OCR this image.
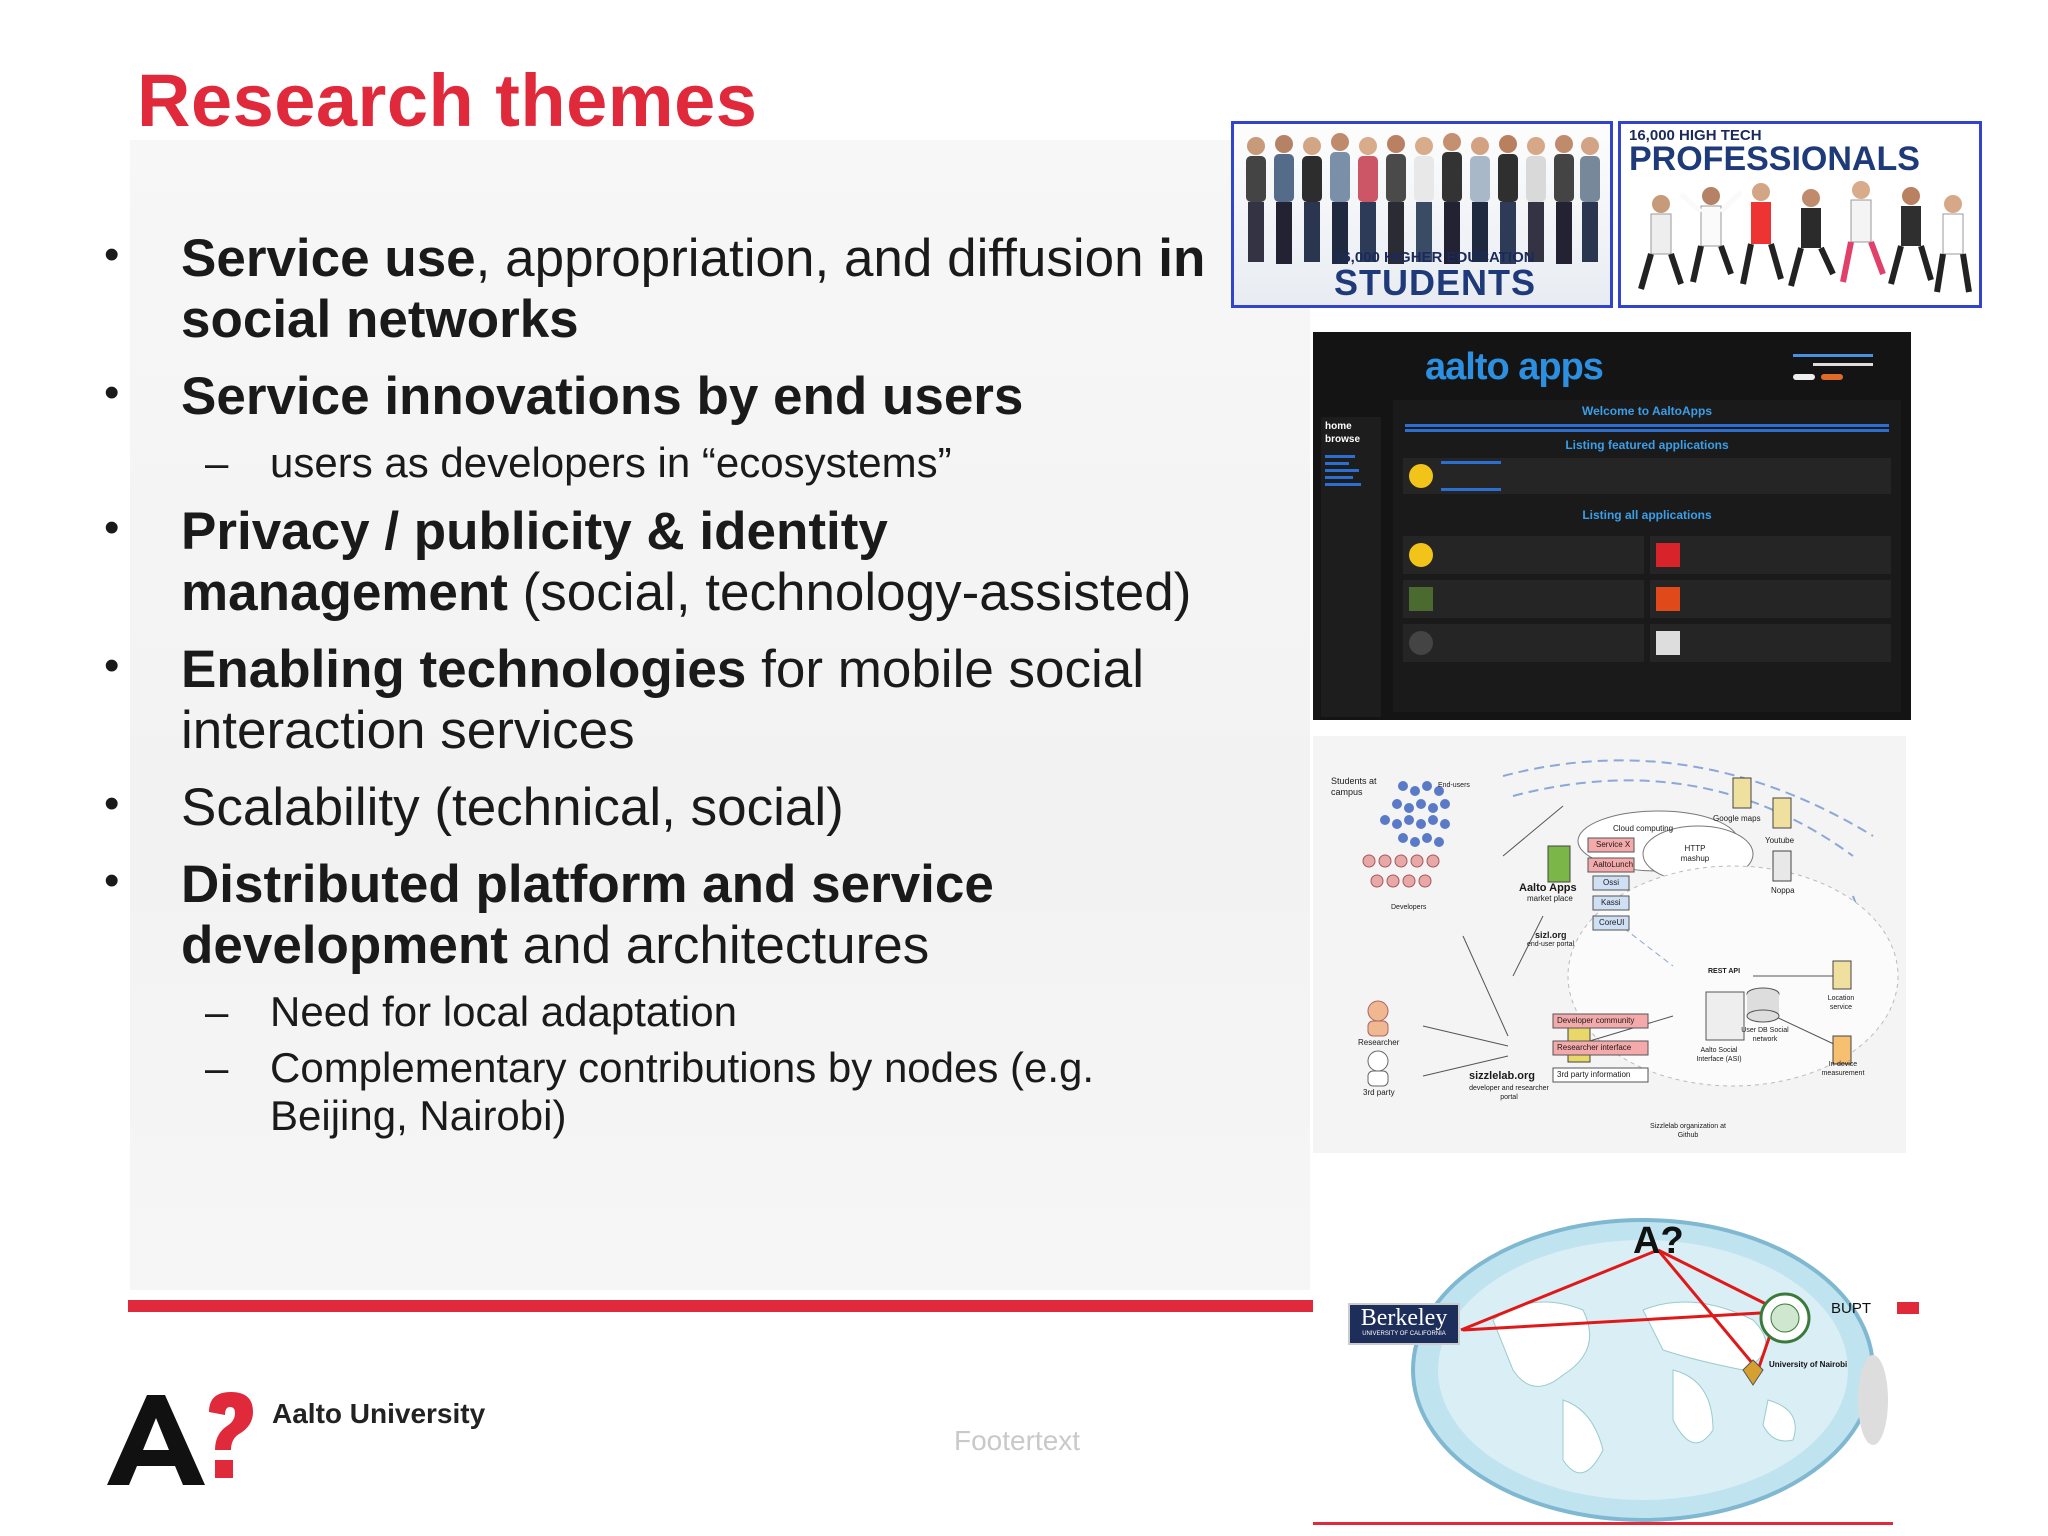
Research themes
• Service use, appropriation, and diffusion in social networks
• Service innovations by end users
– users as developers in “ecosystems”
• Privacy / publicity & identity management (social, technology-assisted)
• Enabling technologies for mobile social interaction services
• Scalability (technical, social)
• Distributed platform and service development and architectures
– Need for local adaptation
– Complementary contributions by nodes (e.g. Beijing, Nairobi)
16,000 HIGHER EDUCATION
STUDENTS
16,000 HIGH TECH
PROFESSIONALS
aalto apps
home
browse
Welcome to AaltoApps
Listing featured applications
Listing all applications
Students at campus
End-users
Developers
Cloud computing
Service X
AaltoLunch
Ossi
Kassi
CoreUI
Google maps
Youtube
Noppa
HTTP mashup
Aalto Apps
market place
sizl.org
end-user portal
REST API
Location service
Researcher
3rd party
Developer community
Researcher interface
3rd party information
sizzlelab.org
developer and researcher portal
User DB Social network
Aalto Social Interface (ASI)
In-device measurement
Sizzlelab organization at Github
A?
Berkeley
UNIVERSITY OF CALIFORNIA
BUPT
University of Nairobi
Aalto University
Footertext
